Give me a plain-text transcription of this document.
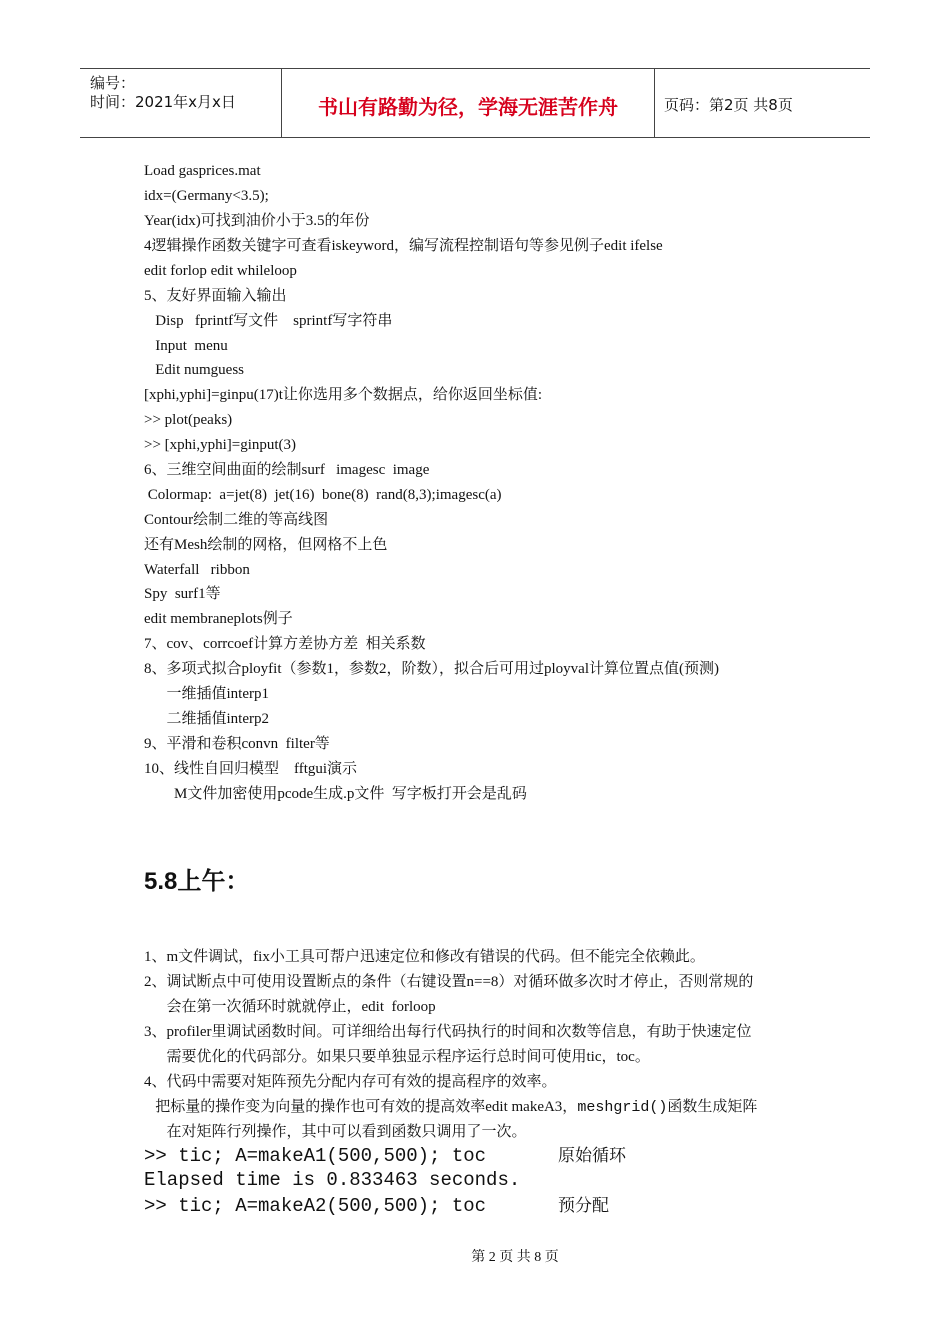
编号：
时间：2021年x月x日	书山有路勤为径，学海无涯苦作舟	页码：第2页 共8页
Load gasprices.mat
idx=(Germany<3.5);
Year(idx)可找到油价小于3.5的年份
4逻辑操作函数关键字可查看iskeyword，编写流程控制语句等参见例子edit ifelse
edit forlop edit whileloop
5、友好界面输入输出
Disp   fprintf写文件    sprintf写字符串
Input  menu
Edit numguess
[xphi,yphi]=ginpu(17)t让你选用多个数据点，给你返回坐标值:
>> plot(peaks)
>> [xphi,yphi]=ginput(3)
6、三维空间曲面的绘制surf   imagesc  image
Colormap:  a=jet(8)  jet(16)  bone(8)  rand(8,3);imagesc(a)
Contour绘制二维的等高线图
还有Mesh绘制的网格，但网格不上色
Waterfall   ribbon
Spy  surf1等
edit membraneplots例子
7、cov、corrcoef计算方差协方差  相关系数
8、多项式拟合ployfit（参数1，参数2，阶数），拟合后可用过ployval计算位置点值(预测)
一维插值interp1
二维插值interp2
9、平滑和卷积convn  filter等
10、线性自回归模型    fftgui演示
M文件加密使用pcode生成.p文件  写字板打开会是乱码
5.8上午：
1、m文件调试，fix小工具可帮户迅速定位和修改有错误的代码。但不能完全依赖此。
2、调试断点中可使用设置断点的条件（右键设置n==8）对循环做多次时才停止，否则常规的
会在第一次循环时就就停止，edit  forloop
3、profiler里调试函数时间。可详细给出每行代码执行的时间和次数等信息，有助于快速定位
需要优化的代码部分。如果只要单独显示程序运行总时间可使用tic，toc。
4、代码中需要对矩阵预先分配内存可有效的提高程序的效率。
把标量的操作变为向量的操作也可有效的提高效率edit makeA3，meshgrid()函数生成矩阵
在对矩阵行列操作，其中可以看到函数只调用了一次。
>> tic; A=makeA1(500,500); toc	原始循环
Elapsed time is 0.833463 seconds.
>> tic; A=makeA2(500,500); toc	预分配
第 2 页 共 8 页
